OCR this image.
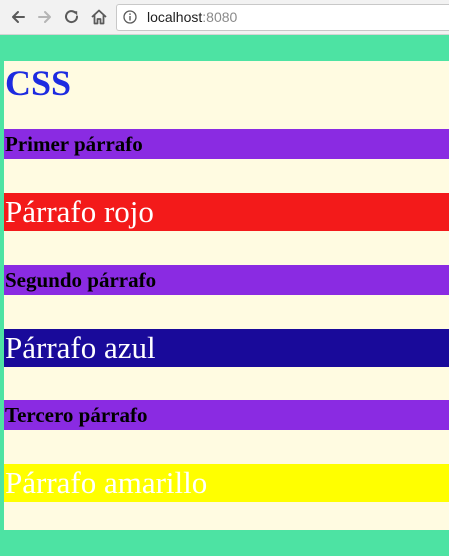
localhost:8080
CSS
Primer párrafo

Párrafo rojo

Segundo párrafo

Párrafo azul

Tercero párrafo

Párrafo amarillo
